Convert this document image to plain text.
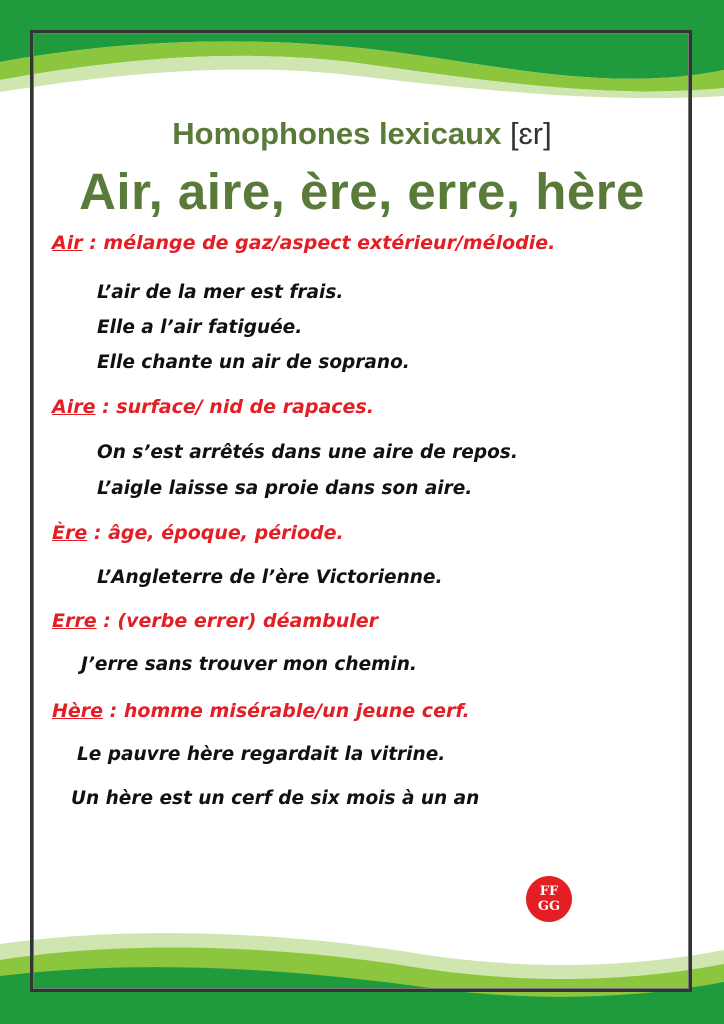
Homophones lexicaux [ɛr]
Air, aire, ère, erre, hère
Air : mélange de gaz/aspect extérieur/mélodie.
L’air de la mer est frais.
Elle a l’air fatiguée.
Elle chante un air de soprano.
Aire : surface/ nid de rapaces.
On s’est arrêtés dans une aire de repos.
L’aigle laisse sa proie dans son aire.
Ère : âge, époque, période.
L’Angleterre de l’ère Victorienne.
Erre : (verbe errer) déambuler
J’erre sans trouver mon chemin.
Hère : homme misérable/un jeune cerf.
Le pauvre hère regardait la vitrine.
Un hère est un cerf de six mois à un an
FF
GG
